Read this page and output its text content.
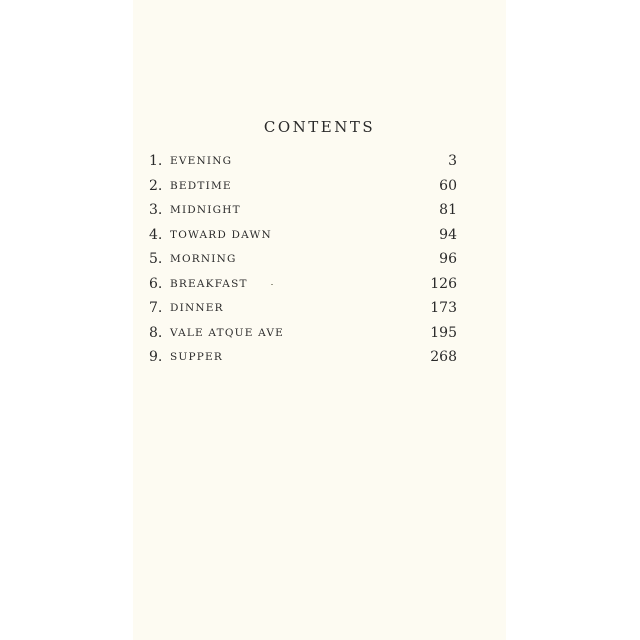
CONTENTS
1. EVENING	3
2. BEDTIME	60
3. MIDNIGHT	81
4. TOWARD DAWN	94
5. MORNING	96
6. BREAKFAST	126
7. DINNER	173
8. VALE ATQUE AVE	195
9. SUPPER	268
